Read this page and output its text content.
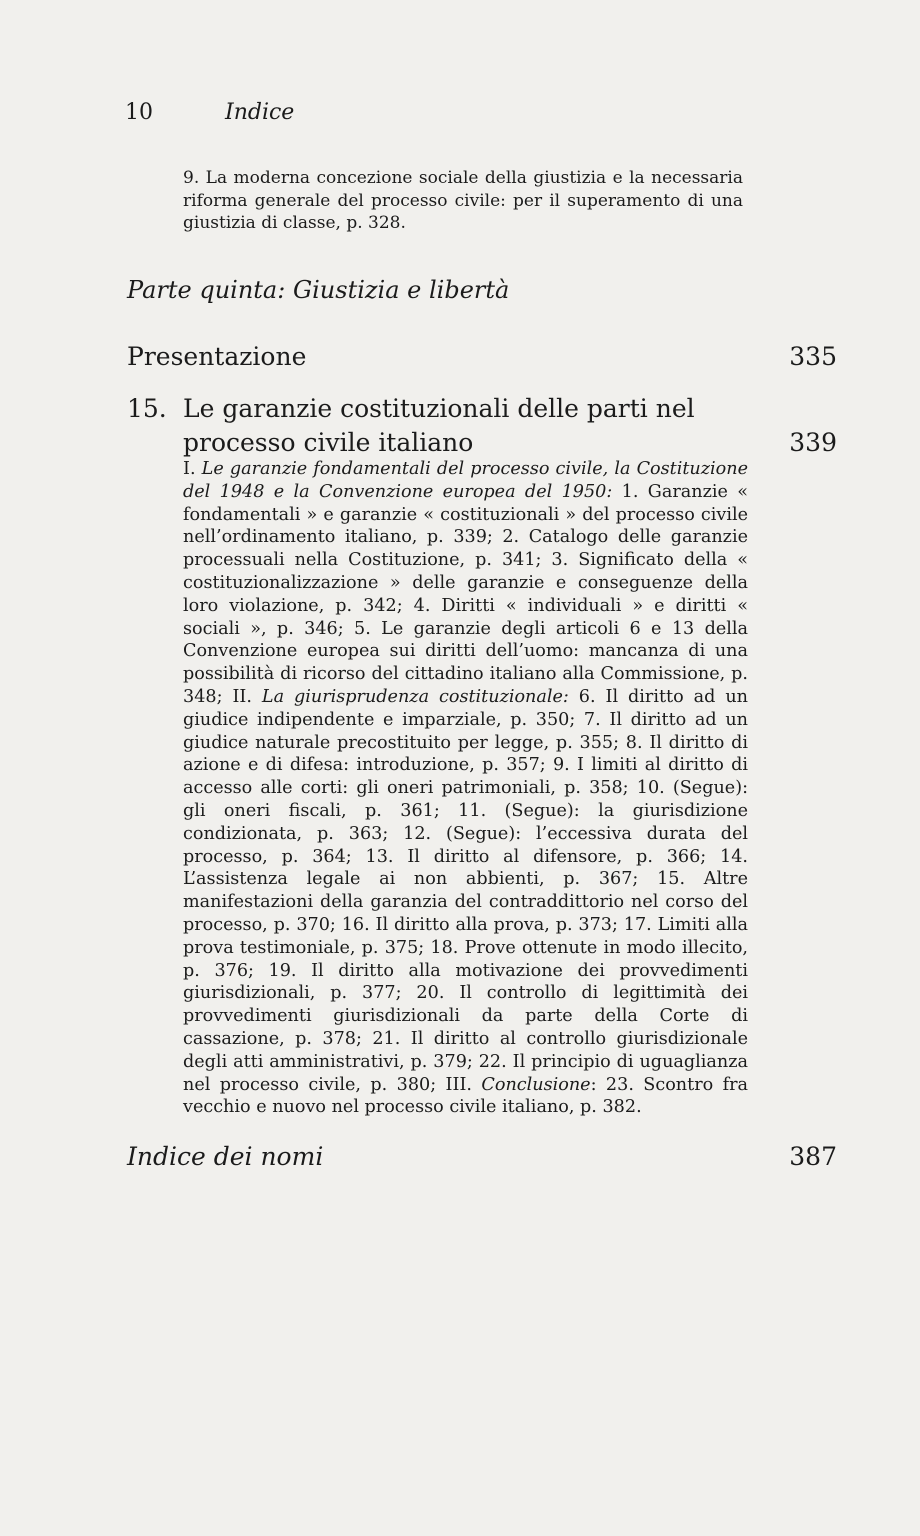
10	Indice
9. La moderna concezione sociale della giustizia e la necessaria riforma generale del processo civile: per il superamento di una giustizia di classe, p. 328.
Parte quinta: Giustizia e libertà
Presentazione	335
15. Le garanzie costituzionali delle parti nel processo civile italiano	339

I. Le garanzie fondamentali del processo civile, la Costituzione del 1948 e la Convenzione europea del 1950: 1. Garanzie « fondamentali » e garanzie « costituzionali » del processo civile nell’ordinamento italiano, p. 339; 2. Catalogo delle garanzie processuali nella Costituzione, p. 341; 3. Significato della « costituzionalizzazione » delle garanzie e conseguenze della loro violazione, p. 342; 4. Diritti « individuali » e diritti « sociali », p. 346; 5. Le garanzie degli articoli 6 e 13 della Convenzione europea sui diritti dell’uomo: mancanza di una possibilità di ricorso del cittadino italiano alla Commissione, p. 348; II. La giurisprudenza costituzionale: 6. Il diritto ad un giudice indipendente e imparziale, p. 350; 7. Il diritto ad un giudice naturale precostituito per legge, p. 355; 8. Il diritto di azione e di difesa: introduzione, p. 357; 9. I limiti al diritto di accesso alle corti: gli oneri patrimoniali, p. 358; 10. (Segue): gli oneri fiscali, p. 361; 11. (Segue): la giurisdizione condizionata, p. 363; 12. (Segue): l’eccessiva durata del processo, p. 364; 13. Il diritto al difensore, p. 366; 14. L’assistenza legale ai non abbienti, p. 367; 15. Altre manifestazioni della garanzia del contraddittorio nel corso del processo, p. 370; 16. Il diritto alla prova, p. 373; 17. Limiti alla prova testimoniale, p. 375; 18. Prove ottenute in modo illecito, p. 376; 19. Il diritto alla motivazione dei provvedimenti giurisdizionali, p. 377; 20. Il controllo di legittimità dei provvedimenti giurisdizionali da parte della Corte di cassazione, p. 378; 21. Il diritto al controllo giurisdizionale degli atti amministrativi, p. 379; 22. Il principio di uguaglianza nel processo civile, p. 380; III. Conclusione: 23. Scontro fra vecchio e nuovo nel processo civile italiano, p. 382.

Indice dei nomi	387
